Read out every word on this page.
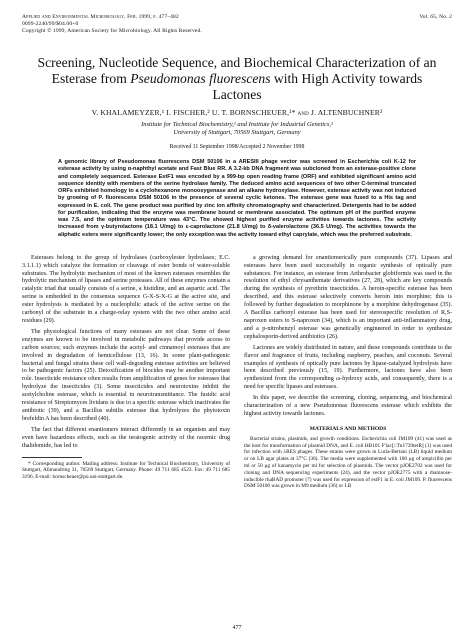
Applied and Environmental Microbiology, Feb. 1999, p. 477–482
0099-2240/99/$04.00+0
Copyright © 1999, American Society for Microbiology. All Rights Reserved.
Vol. 65, No. 2
Screening, Nucleotide Sequence, and Biochemical Characterization of an Esterase from Pseudomonas fluorescens with High Activity towards Lactones
V. KHALAMEYZER,¹ I. FISCHER,² U. T. BORNSCHEUER,¹* and J. ALTENBUCHNER²
Institute for Technical Biochemistry,¹ and Institute for Industrial Genetics,²
University of Stuttgart, 70569 Stuttgart, Germany
Received 11 September 1998/Accepted 2 November 1998
A genomic library of Pseudomonas fluorescens DSM 50106 in a ARESIII phage vector was screened in Escherichia coli K-12 for esterase activity by using α-naphthyl acetate and Fast Blue RR. A 3.2-kb DNA fragment was subcloned from an esterase-positive clone and completely sequenced. Esterase EstF1 was encoded by a 999-bp open reading frame (ORF) and exhibited significant amino acid sequence identity with members of the serine hydrolase family. The deduced amino acid sequences of two other C-terminal truncated ORFs exhibited homology to a cyclohexanone monooxygenase and an alkane hydroxylase. However, esterase activity was not induced by growing of P. fluorescens DSM 50106 in the presence of several cyclic ketones. The esterase gene was fused to a His tag and expressed in E. coli. The gene product was purified by zinc ion affinity chromatography and characterized. Detergents had to be added for purification, indicating that the enzyme was membrane bound or membrane associated. The optimum pH of the purified enzyme was 7.5, and the optimum temperature was 43°C. The showed highest purified enzyme activities towards lactones. The activity increased from γ-butyrolactone (18.1 U/mg) to ε-caprolactone (21.8 U/mg) to δ-valerolactone (36.5 U/mg). The activities towards the aliphatic esters were significantly lower; the only exception was the activity toward ethyl caprylate, which was the preferred substrate.

Esterases belong to the group of hydrolases (carboxylester hydrolases; E.C. 3.1.1.1) which catalyze the formation or cleavage of ester bonds of water-soluble substrates. The hydrolytic mechanism of most of the known esterases resembles the hydrolytic mechanism of lipases and serine proteases. All of these enzymes contain a catalytic triad that usually consists of a serine, a histidine, and an aspartic acid. The serine is embedded in the consensus sequence G-X-S-X-G at the active site, and ester hydrolysis is mediated by a nucleophilic attack of the active serine on the carbonyl of the substrate in a charge-relay system with the two other amino acid residues (29).

The physiological functions of many esterases are not clear. Some of these enzymes are known to be involved in metabolic pathways that provide access to carbon sources; such enzymes include the acetyl- and cinnamoyl esterases that are involved in degradation of hemicellulose (13, 16). In some plant-pathogenic bacterial and fungal strains these cell wall-degrading esterase activities are believed to be pathogenic factors (25). Detoxification of biocides may be another important role. Insecticide resistance often results from amplification of genes for esterases that hydrolyze the insecticides (3). Some insecticides and neurotoxins inhibit the acetylcholine esterase, which is essential in neurotransmittance. The fusidic acid resistance of Streptomyces lividans is due to a specific esterase which inactivates the antibiotic (39), and a Bacillus subtilis esterase that hydrolyzes the phytotoxin brefeldin A has been described (40).

The fact that different enantiomers interact differently in an organism and may even have hazardous effects, such as the teratogenic activity of the racemic drug thalidomide, has led to

* Corresponding author. Mailing address: Institute for Technical Biochemistry, University of Stuttgart, Allmandring 31, 70569 Stuttgart, Germany. Phone: 49 711 685 4523. Fax: 49 711 685 3196. E-mail: bornscheuer@po.uni-stuttgart.de.

a growing demand for enantiomerically pure compounds (37). Lipases and esterases have been used successfully in organic synthesis of optically pure substances. For instance, an esterase from Arthrobacter globiformis was used in the resolution of ethyl chrysanthemate derivatives (27, 28), which are key compounds during the synthesis of pyrethrin insecticides. A heroin-specific esterase has been described, and this esterase selectively converts heroin into morphine; this is followed by further degradation to morphinone by a morphine dehydrogenase (35). A Bacillus carbonyl esterase has been used for stereospecific resolution of R,S-naproxen esters to S-naproxen (34), which is an important anti-inflammatory drug, and a p-nitrobenzyl esterase was genetically engineered in order to synthesize cephalosporin-derived antibiotics (26).

Lactones are widely distributed in nature, and these compounds contribute to the flavor and fragrance of fruits, including raspberry, peaches, and coconuts. Several examples of synthesis of optically pure lactones by lipase-catalyzed hydrolysis have been described previously (15, 19). Furthermore, lactones have also been synthesized from the corresponding ω-hydroxy acids, and consequently, there is a need for specific lipases and esterases.

In this paper, we describe the screening, cloning, sequencing, and biochemical characterization of a new Pseudomonas fluorescens esterase which exhibits the highest activity towards lactones.

MATERIALS AND METHODS
Bacterial strains, plasmids, and growth conditions. Escherichia coli JM109 (41) was used as the host for transformation of plasmid DNA, and E. coli HB101 F′lac[::Tn1739tetR] (1) was used for infection with λRES phages. These strains were grown in Luria-Bertani (LB) liquid medium or on LB agar plates at 37°C (36). The media were supplemented with 100 μg of ampicillin per ml or 50 μg of kanamycin per ml for selection of plasmids. The vector pJOE2702 was used for cloning and DNA sequencing experiments (24), and the vector pJOE2775 with a rhamnose-inducible rhaBAD promoter (7) was used for expression of estF1 in E. coli JM109. P. fluorescens DSM 50106 was grown in M9 medium (36) or LB
477
